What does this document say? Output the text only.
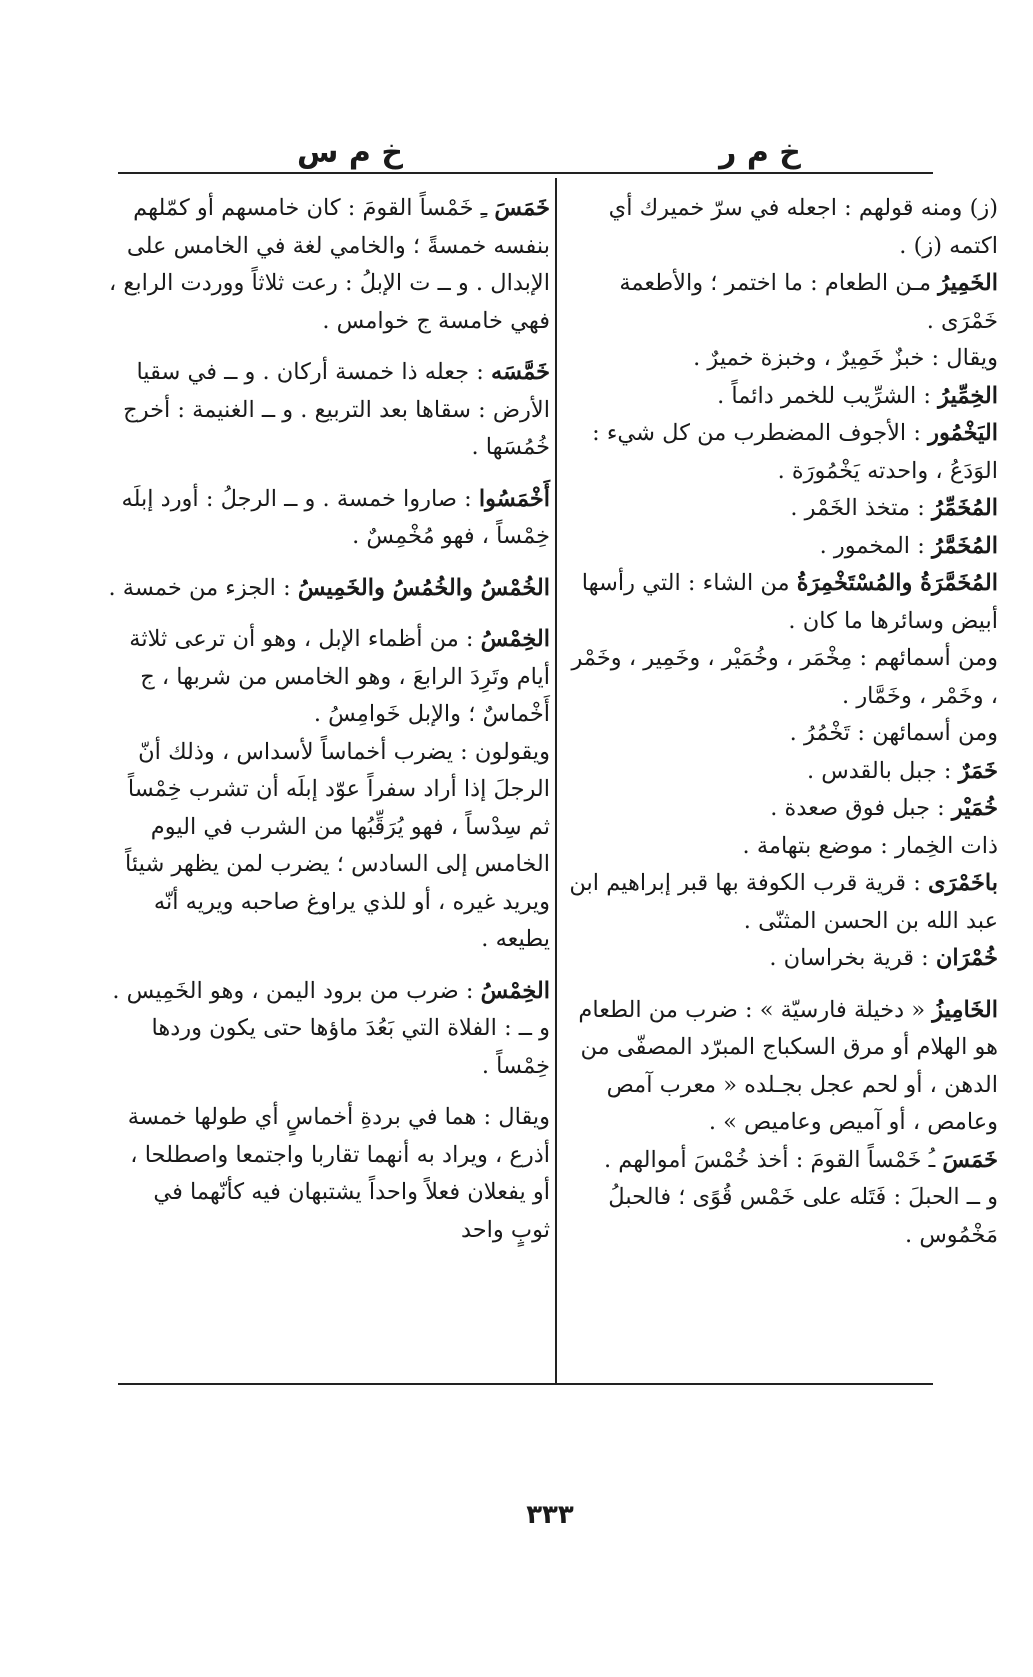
خ م ر
خ م س

(ز) ومنه قولهم : اجعله في سرّ خميرك أي اكتمه (ز) .

الخَمِيرُ مـن الطعام : ما اختمر ؛ والأطعمة خَمْرَى .

ويقال : خبزٌ خَمِيرٌ ، وخبزة خميرٌ .

الخِمِّيرُ : الشرِّيب للخمر دائماً .

اليَخْمُور : الأجوف المضطرب من كل شيء : الوَدَعُ ، واحدته يَخْمُورَة .

المُخَمِّرُ : متخذ الخَمْر .

المُخَمَّرُ : المخمور .

المُخَمَّرَةُ والمُسْتَخْمِرَةُ من الشاء : التي رأسها أبيض وسائرها ما كان .

ومن أسمائهم : مِخْمَر ، وخُمَيْر ، وخَمِير ، وخَمْر ، وخَمْر ، وخَمَّار .

ومن أسمائهن : تَخْمُرُ .

خَمَرٌ : جبل بالقدس .

خُمَيْر : جبل فوق صعدة .

ذات الخِمار : موضع بتهامة .

باخَمْرَى : قرية قرب الكوفة بها قبر إبراهيم ابن عبد الله بن الحسن المثنّى .

خُمْرَان : قرية بخراسان .

الخَامِيزُ « دخيلة فارسيّة » : ضرب من الطعام هو الهلام أو مرق السكباج المبرّد المصفّى من الدهن ، أو لحم عجل بجـلده « معرب آمص وعامص ، أو آميص وعاميص » .

خَمَسَ ـُ خَمْساً القومَ : أخذ خُمْسَ أموالهم .

و ــ الحبلَ : فَتَله على خَمْس قُوًى ؛ فالحبلُ مَخْمُوس .

خَمَسَ ـِ خَمْساً القومَ : كان خامسهم أو كمّلهم بنفسه خمسةً ؛ والخامي لغة في الخامس على الإبدال . و ــ ت الإبلُ : رعت ثلاثاً ووردت الرابع ، فهي خامسة ج خوامس .

خَمَّسَه : جعله ذا خمسة أركان . و ــ في سقيا الأرض : سقاها بعد التربيع . و ــ الغنيمة : أخرج خُمُسَها .

أَخْمَسُوا : صاروا خمسة . و ــ الرجلُ : أورد إبلَه خِمْساً ، فهو مُخْمِسٌ .

الخُمْسُ والخُمُسُ والخَمِيسُ : الجزء من خمسة .

الخِمْسُ : من أظماء الإبل ، وهو أن ترعى ثلاثة أيام وتَرِدَ الرابعَ ، وهو الخامس من شربها ، ج أَخْماسٌ ؛ والإبل خَوامِسُ .

ويقولون : يضرب أخماساً لأسداس ، وذلك أنّ الرجلَ إذا أراد سفراً عوّد إبلَه أن تشرب خِمْساً ثم سِدْساً ، فهو يُرَقِّبُها من الشرب في اليوم الخامس إلى السادس ؛ يضرب لمن يظهر شيئاً ويريد غيره ، أو للذي يراوغ صاحبه ويريه أنّه يطيعه .

الخِمْسُ : ضرب من برود اليمن ، وهو الخَمِيس . و ــ : الفلاة التي بَعُدَ ماؤها حتى يكون وردها خِمْساً .

ويقال : هما في بردةِ أخماسٍ أي طولها خمسة أذرع ، ويراد به أنهما تقاربا واجتمعا واصطلحا ، أو يفعلان فعلاً واحداً يشتبهان فيه كأنّهما في ثوبٍ واحد

٣٣٣
